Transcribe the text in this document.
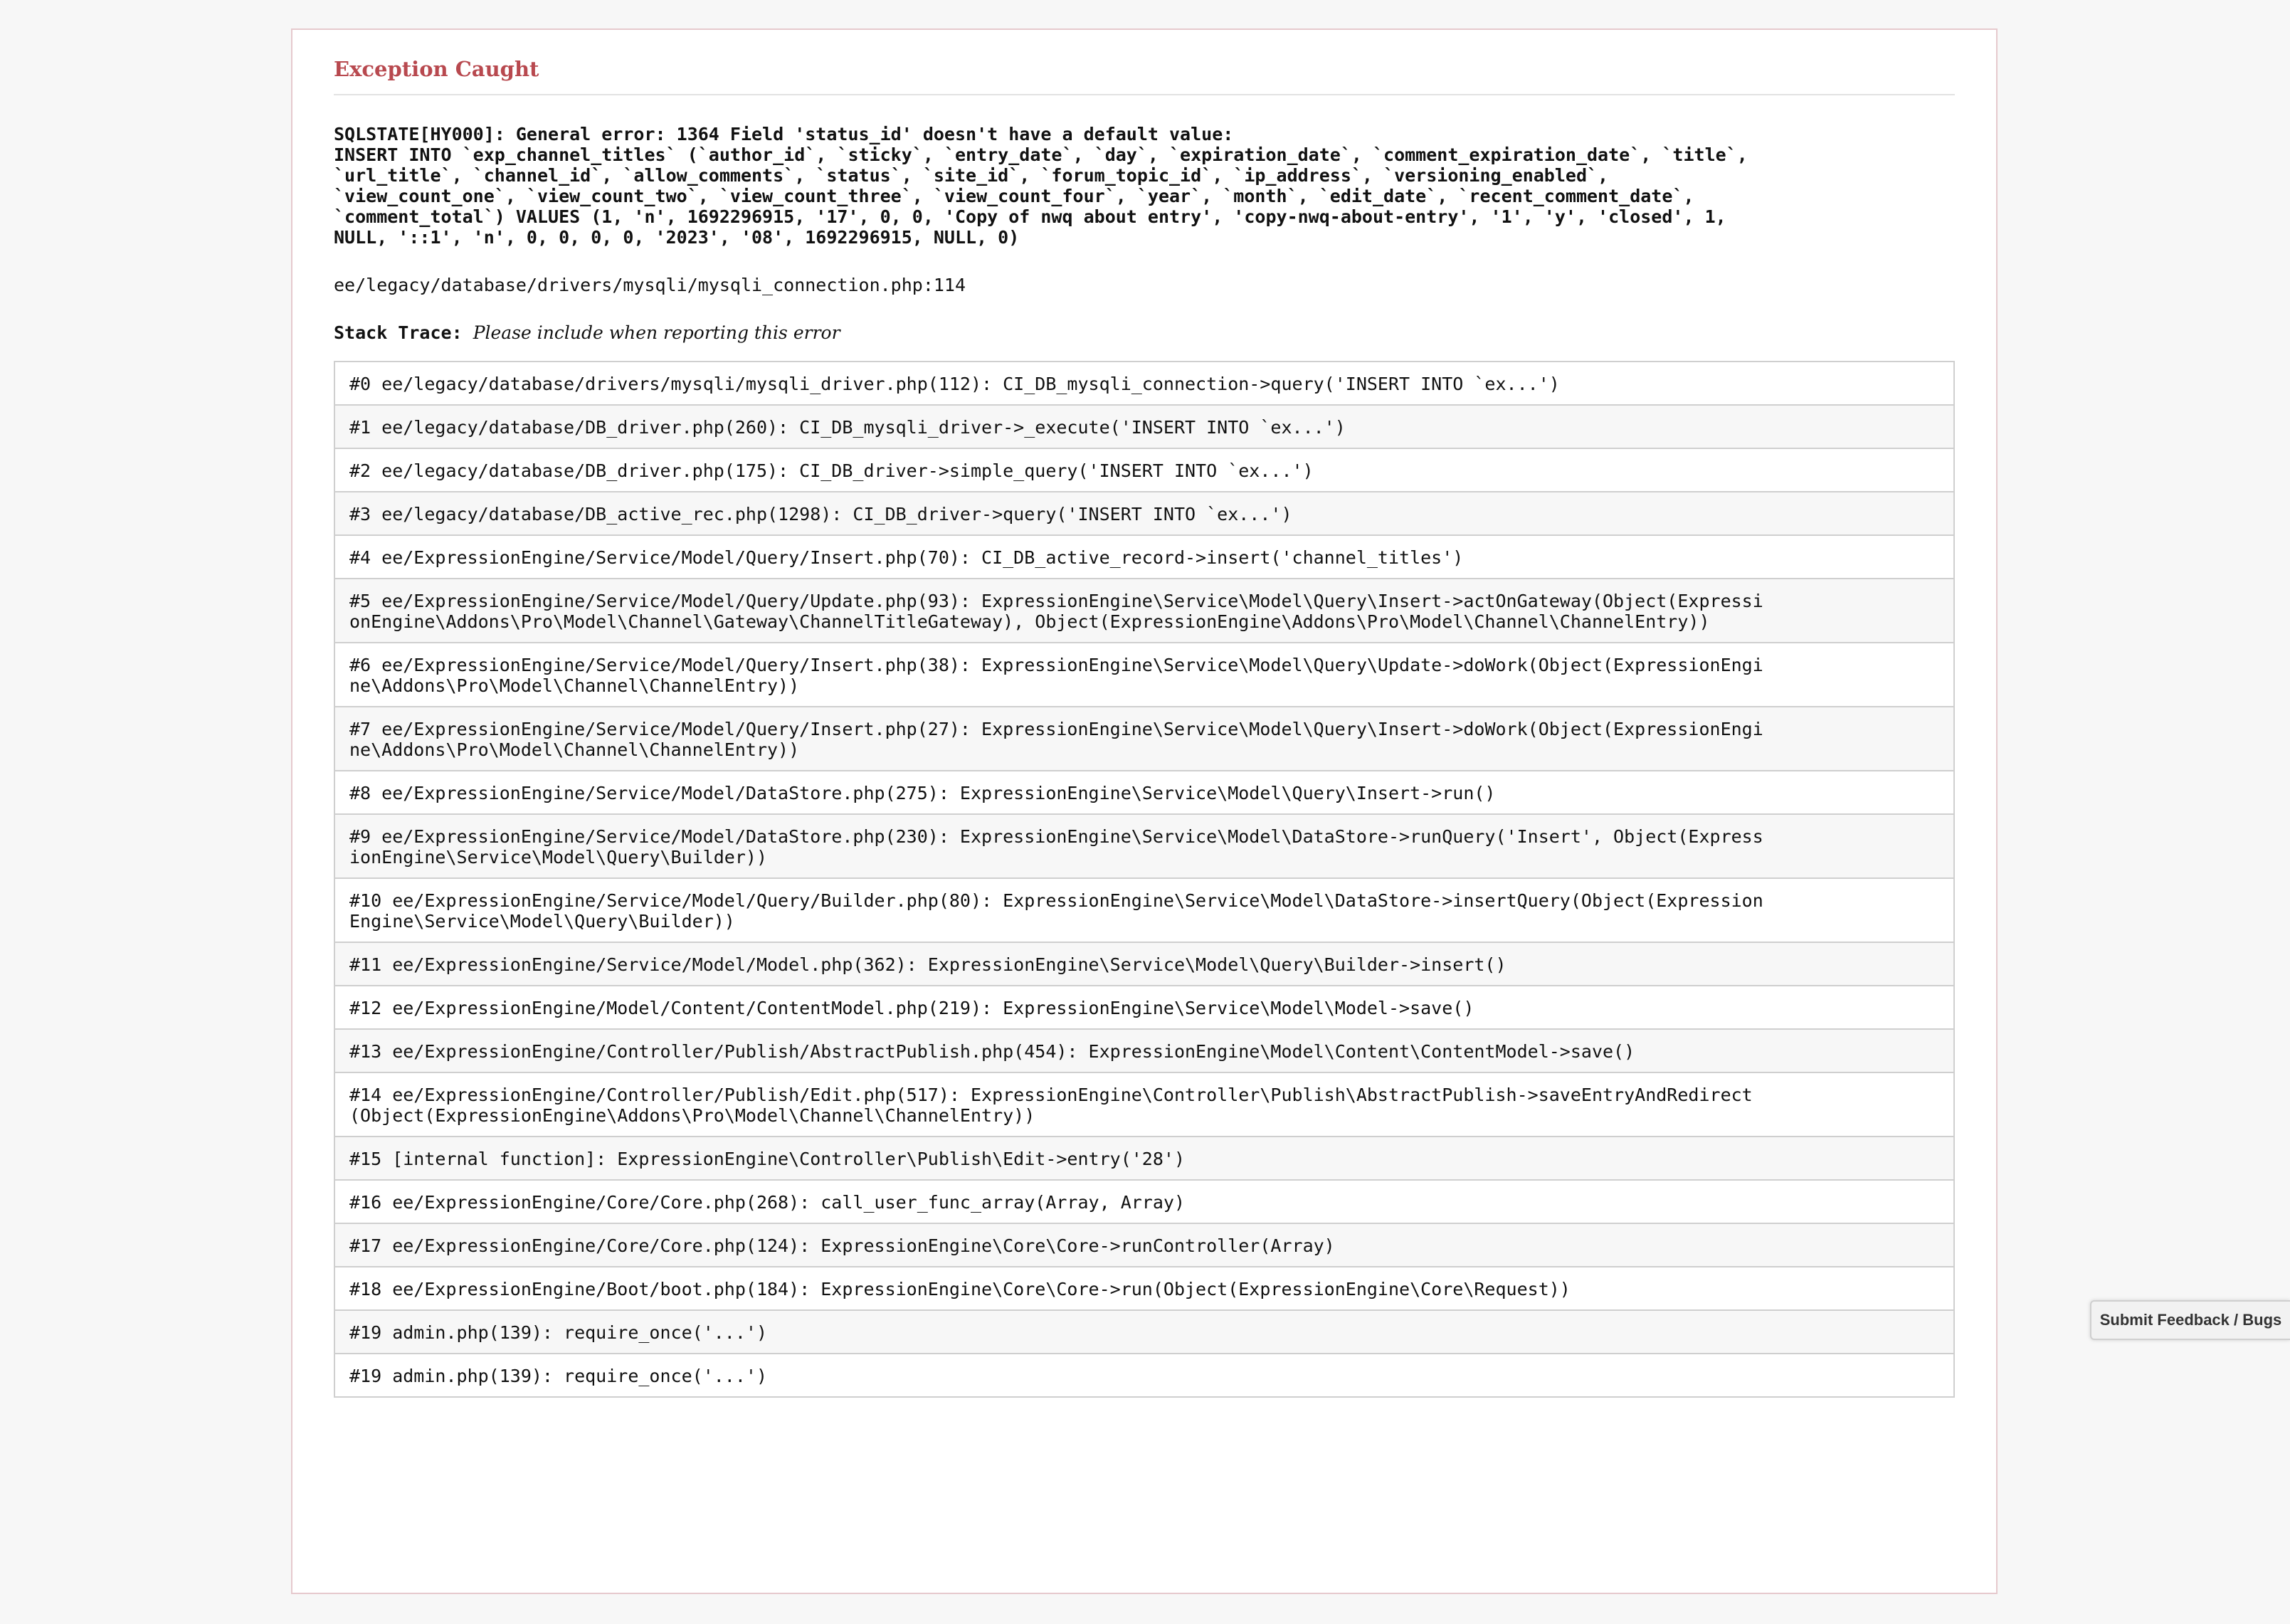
Exception Caught
SQLSTATE[HY000]: General error: 1364 Field 'status_id' doesn't have a default value:
INSERT INTO `exp_channel_titles` (`author_id`, `sticky`, `entry_date`, `day`, `expiration_date`, `comment_expiration_date`, `title`,
`url_title`, `channel_id`, `allow_comments`, `status`, `site_id`, `forum_topic_id`, `ip_address`, `versioning_enabled`,
`view_count_one`, `view_count_two`, `view_count_three`, `view_count_four`, `year`, `month`, `edit_date`, `recent_comment_date`,
`comment_total`) VALUES (1, 'n', 1692296915, '17', 0, 0, 'Copy of nwq about entry', 'copy-nwq-about-entry', '1', 'y', 'closed', 1,
NULL, '::1', 'n', 0, 0, 0, 0, '2023', '08', 1692296915, NULL, 0)
ee/legacy/database/drivers/mysqli/mysqli_connection.php:114
Stack Trace: Please include when reporting this error
#0 ee/legacy/database/drivers/mysqli/mysqli_driver.php(112): CI_DB_mysqli_connection->query('INSERT INTO `ex...')
#1 ee/legacy/database/DB_driver.php(260): CI_DB_mysqli_driver->_execute('INSERT INTO `ex...')
#2 ee/legacy/database/DB_driver.php(175): CI_DB_driver->simple_query('INSERT INTO `ex...')
#3 ee/legacy/database/DB_active_rec.php(1298): CI_DB_driver->query('INSERT INTO `ex...')
#4 ee/ExpressionEngine/Service/Model/Query/Insert.php(70): CI_DB_active_record->insert('channel_titles')
#5 ee/ExpressionEngine/Service/Model/Query/Update.php(93): ExpressionEngine\Service\Model\Query\Insert->actOnGateway(Object(Expressi
onEngine\Addons\Pro\Model\Channel\Gateway\ChannelTitleGateway), Object(ExpressionEngine\Addons\Pro\Model\Channel\ChannelEntry))
#6 ee/ExpressionEngine/Service/Model/Query/Insert.php(38): ExpressionEngine\Service\Model\Query\Update->doWork(Object(ExpressionEngi
ne\Addons\Pro\Model\Channel\ChannelEntry))
#7 ee/ExpressionEngine/Service/Model/Query/Insert.php(27): ExpressionEngine\Service\Model\Query\Insert->doWork(Object(ExpressionEngi
ne\Addons\Pro\Model\Channel\ChannelEntry))
#8 ee/ExpressionEngine/Service/Model/DataStore.php(275): ExpressionEngine\Service\Model\Query\Insert->run()
#9 ee/ExpressionEngine/Service/Model/DataStore.php(230): ExpressionEngine\Service\Model\DataStore->runQuery('Insert', Object(Express
ionEngine\Service\Model\Query\Builder))
#10 ee/ExpressionEngine/Service/Model/Query/Builder.php(80): ExpressionEngine\Service\Model\DataStore->insertQuery(Object(Expression
Engine\Service\Model\Query\Builder))
#11 ee/ExpressionEngine/Service/Model/Model.php(362): ExpressionEngine\Service\Model\Query\Builder->insert()
#12 ee/ExpressionEngine/Model/Content/ContentModel.php(219): ExpressionEngine\Service\Model\Model->save()
#13 ee/ExpressionEngine/Controller/Publish/AbstractPublish.php(454): ExpressionEngine\Model\Content\ContentModel->save()
#14 ee/ExpressionEngine/Controller/Publish/Edit.php(517): ExpressionEngine\Controller\Publish\AbstractPublish->saveEntryAndRedirect
(Object(ExpressionEngine\Addons\Pro\Model\Channel\ChannelEntry))
#15 [internal function]: ExpressionEngine\Controller\Publish\Edit->entry('28')
#16 ee/ExpressionEngine/Core/Core.php(268): call_user_func_array(Array, Array)
#17 ee/ExpressionEngine/Core/Core.php(124): ExpressionEngine\Core\Core->runController(Array)
#18 ee/ExpressionEngine/Boot/boot.php(184): ExpressionEngine\Core\Core->run(Object(ExpressionEngine\Core\Request))
#19 admin.php(139): require_once('...')
#19 admin.php(139): require_once('...')
Submit Feedback / Bugs
